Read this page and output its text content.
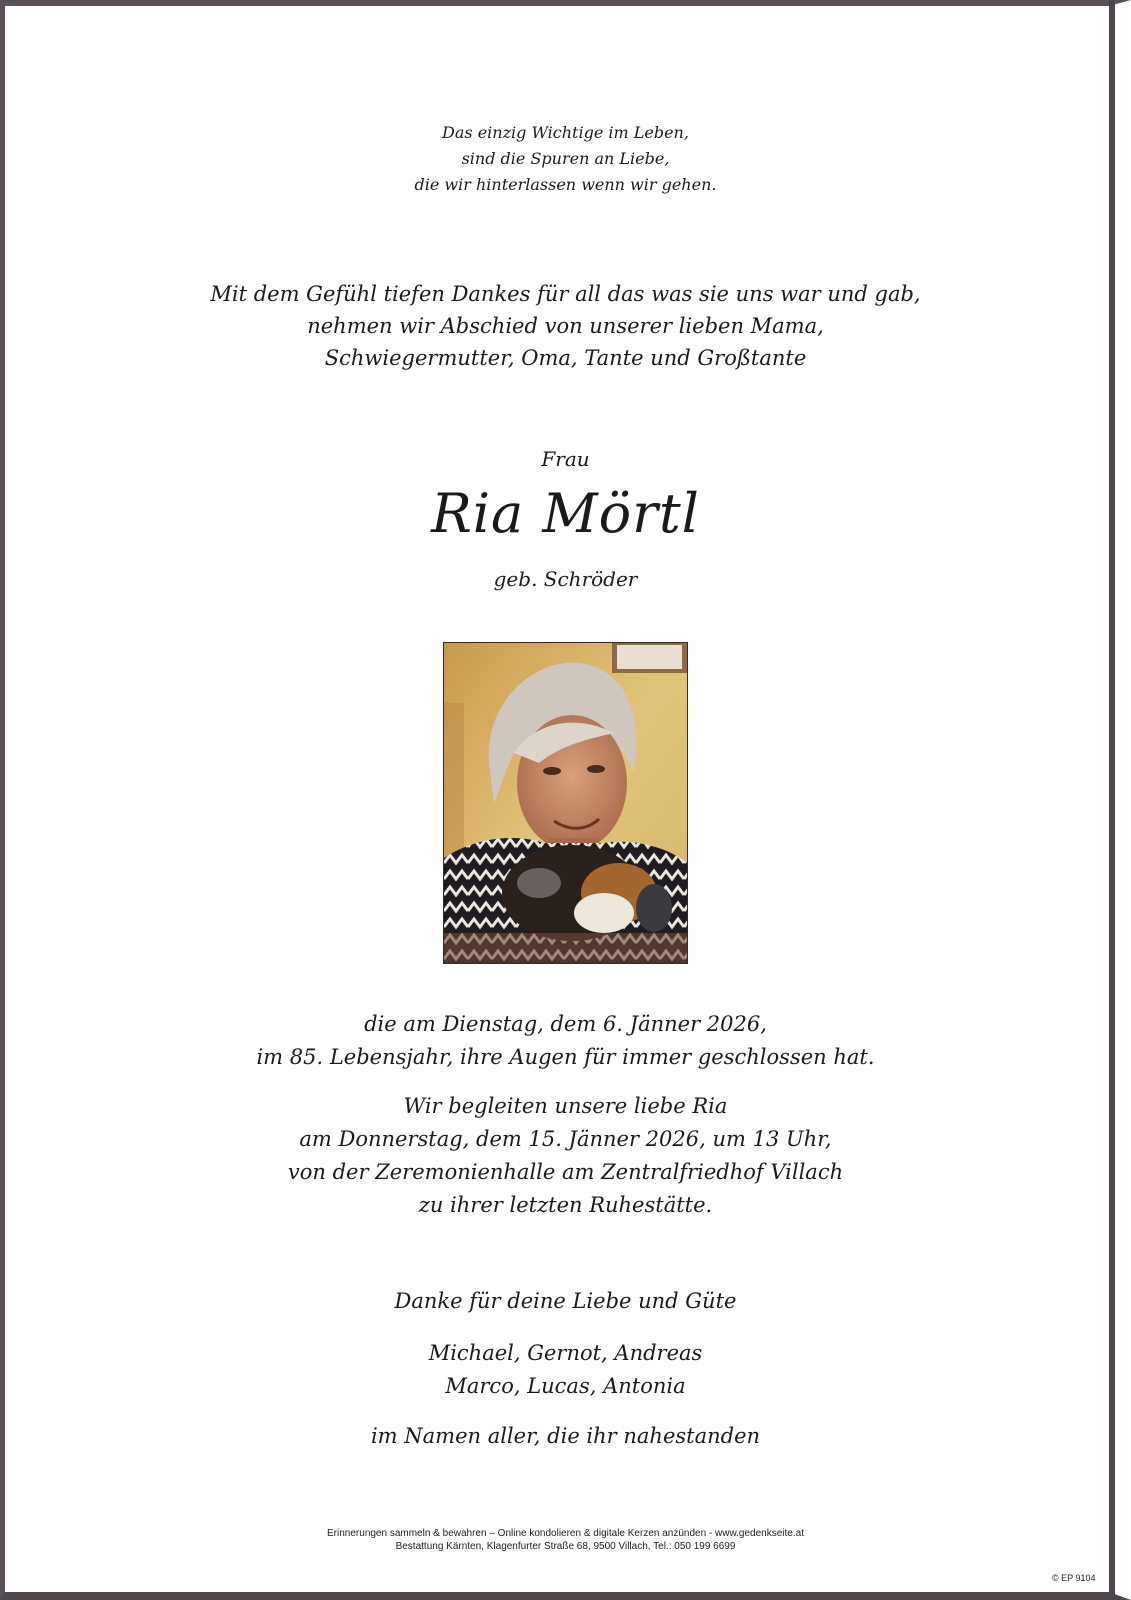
Das einzig Wichtige im Leben,
sind die Spuren an Liebe,
die wir hinterlassen wenn wir gehen.
Mit dem Gefühl tiefen Dankes für all das was sie uns war und gab,
nehmen wir Abschied von unserer lieben Mama,
Schwiegermutter, Oma, Tante und Großtante
Frau
Ria Mörtl
geb. Schröder
die am Dienstag, dem 6. Jänner 2026,
im 85. Lebensjahr, ihre Augen für immer geschlossen hat.
Wir begleiten unsere liebe Ria
am Donnerstag, dem 15. Jänner 2026, um 13 Uhr,
von der Zeremonienhalle am Zentralfriedhof Villach
zu ihrer letzten Ruhestätte.
Danke für deine Liebe und Güte
Michael, Gernot, Andreas
Marco, Lucas, Antonia
im Namen aller, die ihr nahestanden
Erinnerungen sammeln & bewahren – Online kondolieren & digitale Kerzen anzünden - www.gedenkseite.at
Bestattung Kärnten, Klagenfurter Straße 68, 9500 Villach, Tel.: 050 199 6699
© EP 9104
